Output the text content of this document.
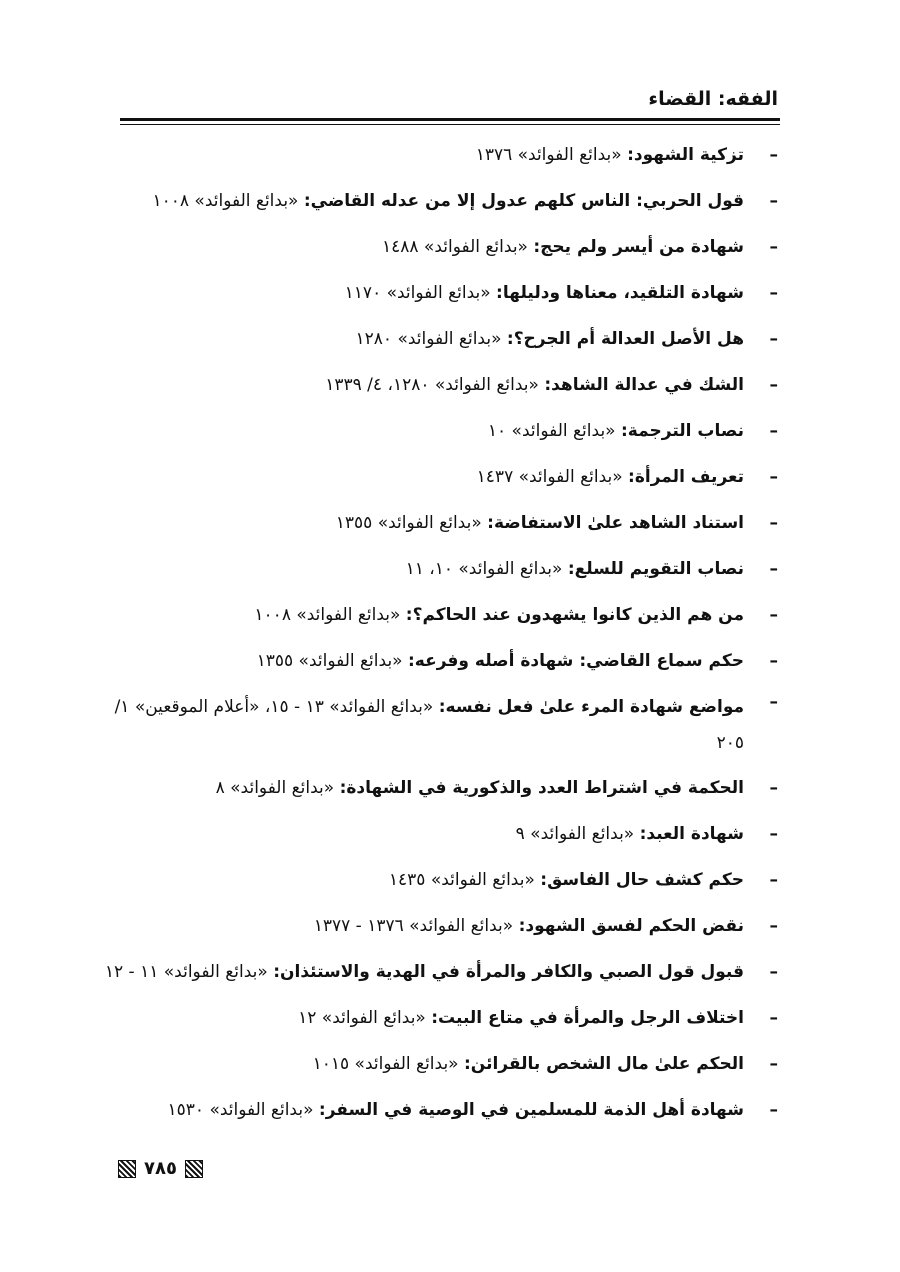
الفقه: القضاء
–
تزكية الشهود: «بدائع الفوائد» ١٣٧٦
–
قول الحربي: الناس كلهم عدول إلا من عدله القاضي: «بدائع الفوائد» ١٠٠٨
–
شهادة من أيسر ولم يحج: «بدائع الفوائد» ١٤٨٨
–
شهادة التلقيد، معناها ودليلها: «بدائع الفوائد» ١١٧٠
–
هل الأصل العدالة أم الجرح؟: «بدائع الفوائد» ١٢٨٠
–
الشك في عدالة الشاهد: «بدائع الفوائد» ١٢٨٠، ٤/ ١٣٣٩
–
نصاب الترجمة: «بدائع الفوائد» ١٠
–
تعريف المرأة: «بدائع الفوائد» ١٤٣٧
–
استناد الشاهد علىٰ الاستفاضة: «بدائع الفوائد» ١٣٥٥
–
نصاب التقويم للسلع: «بدائع الفوائد» ١٠، ١١
–
من هم الذين كانوا يشهدون عند الحاكم؟: «بدائع الفوائد» ١٠٠٨
–
حكم سماع القاضي: شهادة أصله وفرعه: «بدائع الفوائد» ١٣٥٥
–
مواضع شهادة المرء علىٰ فعل نفسه: «بدائع الفوائد» ١٣ - ١٥، «أعلام الموقعين» ١/ ٢٠٥
–
الحكمة في اشتراط العدد والذكورية في الشهادة: «بدائع الفوائد» ٨
–
شهادة العبد: «بدائع الفوائد» ٩
–
حكم كشف حال الفاسق: «بدائع الفوائد» ١٤٣٥
–
نقض الحكم لفسق الشهود: «بدائع الفوائد» ١٣٧٦ - ١٣٧٧
–
قبول قول الصبي والكافر والمرأة في الهدية والاستئذان: «بدائع الفوائد» ١١ - ١٢
–
اختلاف الرجل والمرأة في متاع البيت: «بدائع الفوائد» ١٢
–
الحكم علىٰ مال الشخص بالقرائن: «بدائع الفوائد» ١٠١٥
–
شهادة أهل الذمة للمسلمين في الوصية في السفر: «بدائع الفوائد» ١٥٣٠
٧٨٥
